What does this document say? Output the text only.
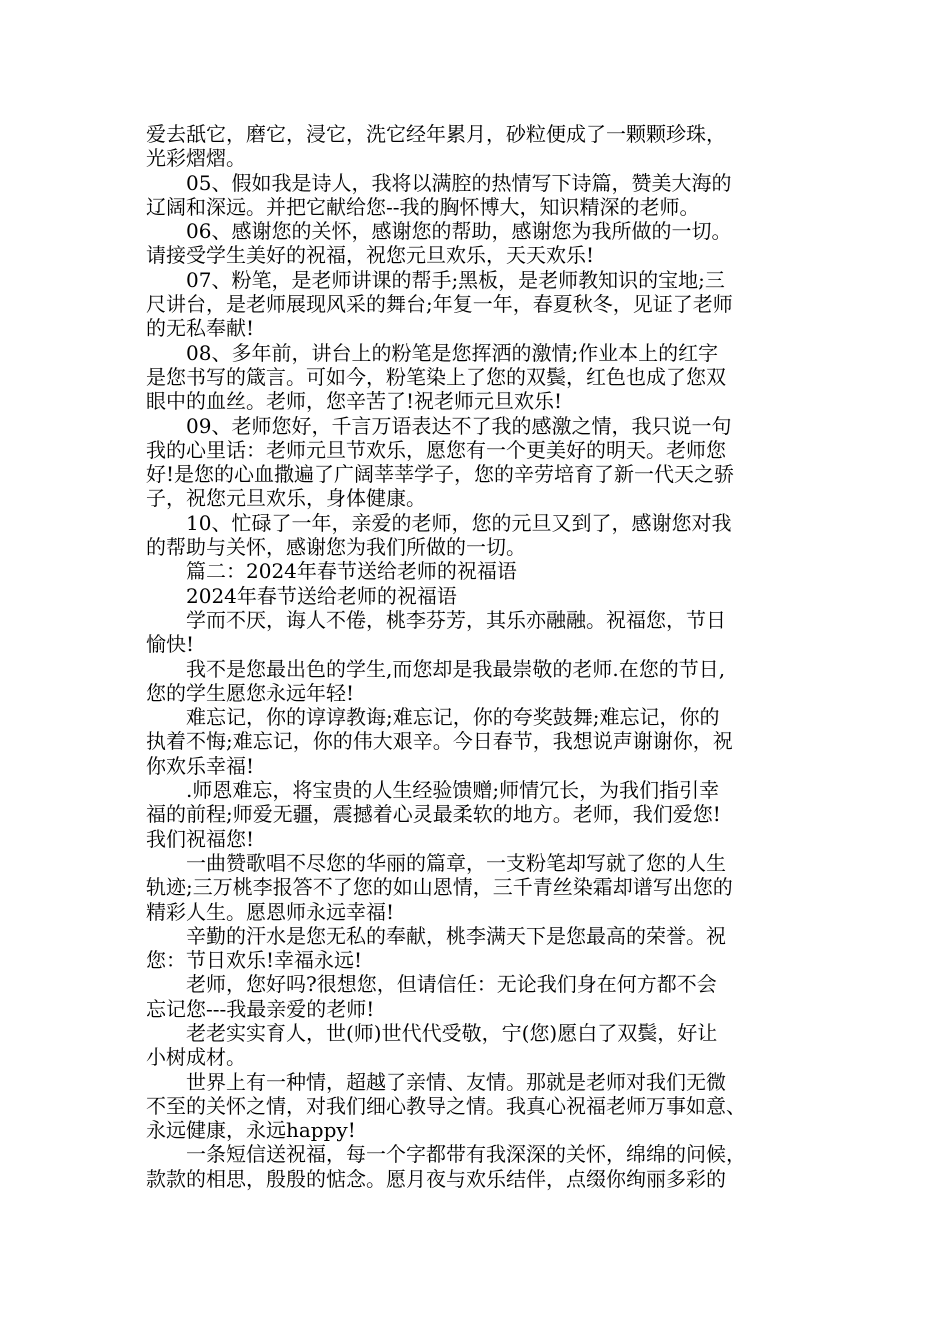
爱去舐它，磨它，浸它，洗它经年累月，砂粒便成了一颗颗珍珠，
光彩熠熠。

05、假如我是诗人，我将以满腔的热情写下诗篇，赞美大海的
辽阔和深远。并把它献给您--我的胸怀博大，知识精深的老师。

06、感谢您的关怀，感谢您的帮助，感谢您为我所做的一切。
请接受学生美好的祝福，祝您元旦欢乐，天天欢乐!

07、粉笔，是老师讲课的帮手;黑板，是老师教知识的宝地;三
尺讲台，是老师展现风采的舞台;年复一年，春夏秋冬，见证了老师
的无私奉献!

08、多年前，讲台上的粉笔是您挥洒的激情;作业本上的红字
是您书写的箴言。可如今，粉笔染上了您的双鬓，红色也成了您双
眼中的血丝。老师，您辛苦了!祝老师元旦欢乐!

09、老师您好，千言万语表达不了我的感激之情，我只说一句
我的心里话：老师元旦节欢乐，愿您有一个更美好的明天。老师您
好!是您的心血撒遍了广阔莘莘学子，您的辛劳培育了新一代天之骄
子，祝您元旦欢乐，身体健康。

10、忙碌了一年，亲爱的老师，您的元旦又到了，感谢您对我
的帮助与关怀，感谢您为我们所做的一切。

篇二：2024年春节送给老师的祝福语

2024年春节送给老师的祝福语

学而不厌，诲人不倦，桃李芬芳，其乐亦融融。祝福您，节日
愉快!

我不是您最出色的学生,而您却是我最崇敬的老师.在您的节日,
您的学生愿您永远年轻!

难忘记，你的谆谆教诲;难忘记，你的夸奖鼓舞;难忘记，你的
执着不悔;难忘记，你的伟大艰辛。今日春节，我想说声谢谢你，祝
你欢乐幸福!

.师恩难忘，将宝贵的人生经验馈赠;师情冗长，为我们指引幸
福的前程;师爱无疆，震撼着心灵最柔软的地方。老师，我们爱您!
我们祝福您!

一曲赞歌唱不尽您的华丽的篇章，一支粉笔却写就了您的人生
轨迹;三万桃李报答不了您的如山恩情，三千青丝染霜却谱写出您的
精彩人生。愿恩师永远幸福!

辛勤的汗水是您无私的奉献，桃李满天下是您最高的荣誉。祝
您：节日欢乐!幸福永远!

老师，您好吗?很想您，但请信任：无论我们身在何方都不会
忘记您---我最亲爱的老师!

老老实实育人，世(师)世代代受敬，宁(您)愿白了双鬓，好让
小树成材。

世界上有一种情，超越了亲情、友情。那就是老师对我们无微
不至的关怀之情，对我们细心教导之情。我真心祝福老师万事如意、
永远健康，永远happy!

一条短信送祝福，每一个字都带有我深深的关怀，绵绵的问候，
款款的相思，殷殷的惦念。愿月夜与欢乐结伴，点缀你绚丽多彩的
